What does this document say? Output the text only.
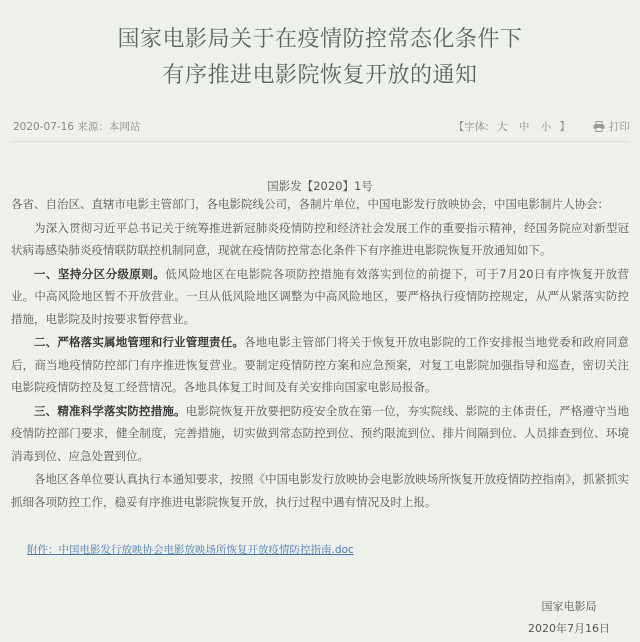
国家电影局关于在疫情防控常态化条件下
有序推进电影院恢复开放的通知
2020-07-16 来源：本网站	【字体: 大 中 小 】	打印
国影发【2020】1号

各省、自治区、直辖市电影主管部门，各电影院线公司，各制片单位，中国电影发行放映协会，中国电影制片人协会：

为深入贯彻习近平总书记关于统筹推进新冠肺炎疫情防控和经济社会发展工作的重要指示精神，经国务院应对新型冠状病毒感染肺炎疫情联防联控机制同意，现就在疫情防控常态化条件下有序推进电影院恢复开放通知如下。

一、坚持分区分级原则。低风险地区在电影院各项防控措施有效落实到位的前提下，可于7月20日有序恢复开放营业。中高风险地区暂不开放营业。一旦从低风险地区调整为中高风险地区，要严格执行疫情防控规定，从严从紧落实防控措施，电影院及时按要求暂停营业。

二、严格落实属地管理和行业管理责任。各地电影主管部门将关于恢复开放电影院的工作安排报当地党委和政府同意后，商当地疫情防控部门有序推进恢复营业。要制定疫情防控方案和应急预案，对复工电影院加强指导和巡查，密切关注电影院疫情防控及复工经营情况。各地具体复工时间及有关安排向国家电影局报备。

三、精准科学落实防控措施。电影院恢复开放要把防疫安全放在第一位，夯实院线、影院的主体责任，严格遵守当地疫情防控部门要求，健全制度，完善措施，切实做到常态防控到位、预约限流到位、排片间隔到位、人员排查到位、环境消毒到位、应急处置到位。

各地区各单位要认真执行本通知要求，按照《中国电影发行放映协会电影放映场所恢复开放疫情防控指南》，抓紧抓实抓细各项防控工作，稳妥有序推进电影院恢复开放，执行过程中遇有情况及时上报。

附件：中国电影发行放映协会电影放映场所恢复开放疫情防控指南.doc
国家电影局
2020年7月16日
